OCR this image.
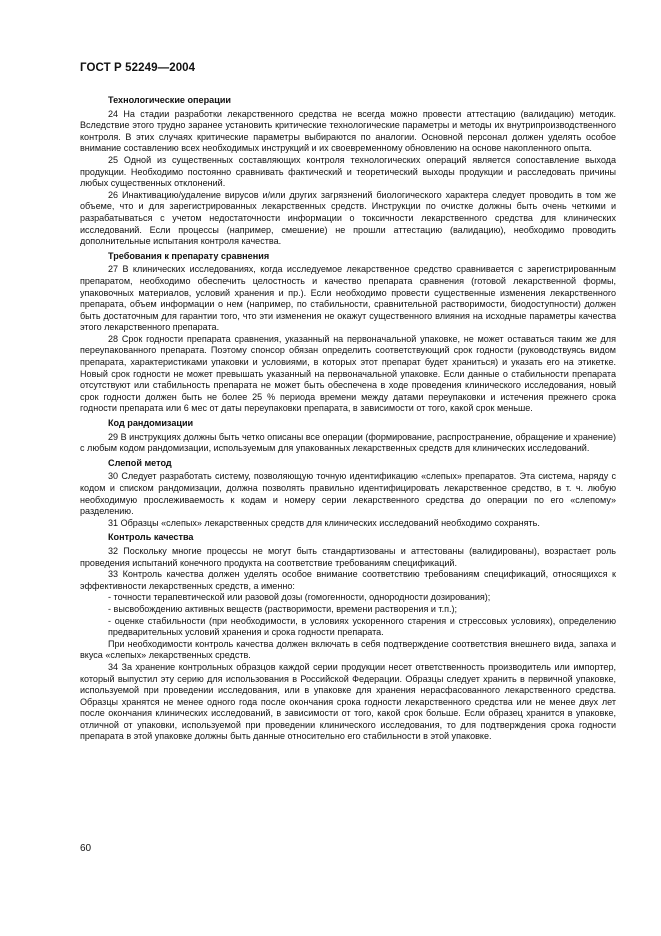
ГОСТ Р 52249—2004
Технологические операции

24 На стадии разработки лекарственного средства не всегда можно провести аттестацию (валидацию) методик. Вследствие этого трудно заранее установить критические технологические параметры и методы их внутрипроизводственного контроля. В этих случаях критические параметры выбираются по аналогии. Основной персонал должен уделять особое внимание составлению всех необходимых инструкций и их своевременному обновлению на основе накопленного опыта.

25 Одной из существенных составляющих контроля технологических операций является сопоставление выхода продукции. Необходимо постоянно сравнивать фактический и теоретический выходы продукции и расследовать причины любых существенных отклонений.

26 Инактивацию/удаление вирусов и/или других загрязнений биологического характера следует проводить в том же объеме, что и для зарегистрированных лекарственных средств. Инструкции по очистке должны быть очень четкими и разрабатываться с учетом недостаточности информации о токсичности лекарственного средства для клинических исследований. Если процессы (например, смешение) не прошли аттестацию (валидацию), необходимо проводить дополнительные испытания контроля качества.

Требования к препарату сравнения

27 В клинических исследованиях, когда исследуемое лекарственное средство сравнивается с зарегистрированным препаратом, необходимо обеспечить целостность и качество препарата сравнения (готовой лекарственной формы, упаковочных материалов, условий хранения и пр.). Если необходимо провести существенные изменения лекарственного препарата, объем информации о нем (например, по стабильности, сравнительной растворимости, биодоступности) должен быть достаточным для гарантии того, что эти изменения не окажут существенного влияния на исходные параметры качества этого лекарственного препарата.

28 Срок годности препарата сравнения, указанный на первоначальной упаковке, не может оставаться таким же для переупакованного препарата. Поэтому спонсор обязан определить соответствующий срок годности (руководствуясь видом препарата, характеристиками упаковки и условиями, в которых этот препарат будет храниться) и указать его на этикетке. Новый срок годности не может превышать указанный на первоначальной упаковке. Если данные о стабильности препарата отсутствуют или стабильность препарата не может быть обеспечена в ходе проведения клинического исследования, новый срок годности должен быть не более 25 % периода времени между датами переупаковки и истечения прежнего срока годности препарата или 6 мес от даты переупаковки препарата, в зависимости от того, какой срок меньше.

Код рандомизации

29 В инструкциях должны быть четко описаны все операции (формирование, распространение, обращение и хранение) с любым кодом рандомизации, используемым для упакованных лекарственных средств для клинических исследований.

Слепой метод

30 Следует разработать систему, позволяющую точную идентификацию «слепых» препаратов. Эта система, наряду с кодом и списком рандомизации, должна позволять правильно идентифицировать лекарственное средство, в т. ч. любую необходимую прослеживаемость к кодам и номеру серии лекарственного средства до операции по его «слепому» разделению.

31 Образцы «слепых» лекарственных средств для клинических исследований необходимо сохранять.

Контроль качества

32 Поскольку многие процессы не могут быть стандартизованы и аттестованы (валидированы), возрастает роль проведения испытаний конечного продукта на соответствие требованиям спецификаций.

33 Контроль качества должен уделять особое внимание соответствию требованиям спецификаций, относящихся к эффективности лекарственных средств, а именно:

- точности терапевтической или разовой дозы (гомогенности, однородности дозирования);
- высвобождению активных веществ (растворимости, времени растворения и т.п.);
- оценке стабильности (при необходимости, в условиях ускоренного старения и стрессовых условиях), определению предварительных условий хранения и срока годности препарата.

При необходимости контроль качества должен включать в себя подтверждение соответствия внешнего вида, запаха и вкуса «слепых» лекарственных средств.

34 За хранение контрольных образцов каждой серии продукции несет ответственность производитель или импортер, который выпустил эту серию для использования в Российской Федерации. Образцы следует хранить в первичной упаковке, используемой при проведении исследования, или в упаковке для хранения нерасфасованного лекарственного средства. Образцы хранятся не менее одного года после окончания срока годности лекарственного средства или не менее двух лет после окончания клинических исследований, в зависимости от того, какой срок больше. Если образец хранится в упаковке, отличной от упаковки, используемой при проведении клинического исследования, то для подтверждения срока годности препарата в этой упаковке должны быть данные относительно его стабильности в этой упаковке.

60
